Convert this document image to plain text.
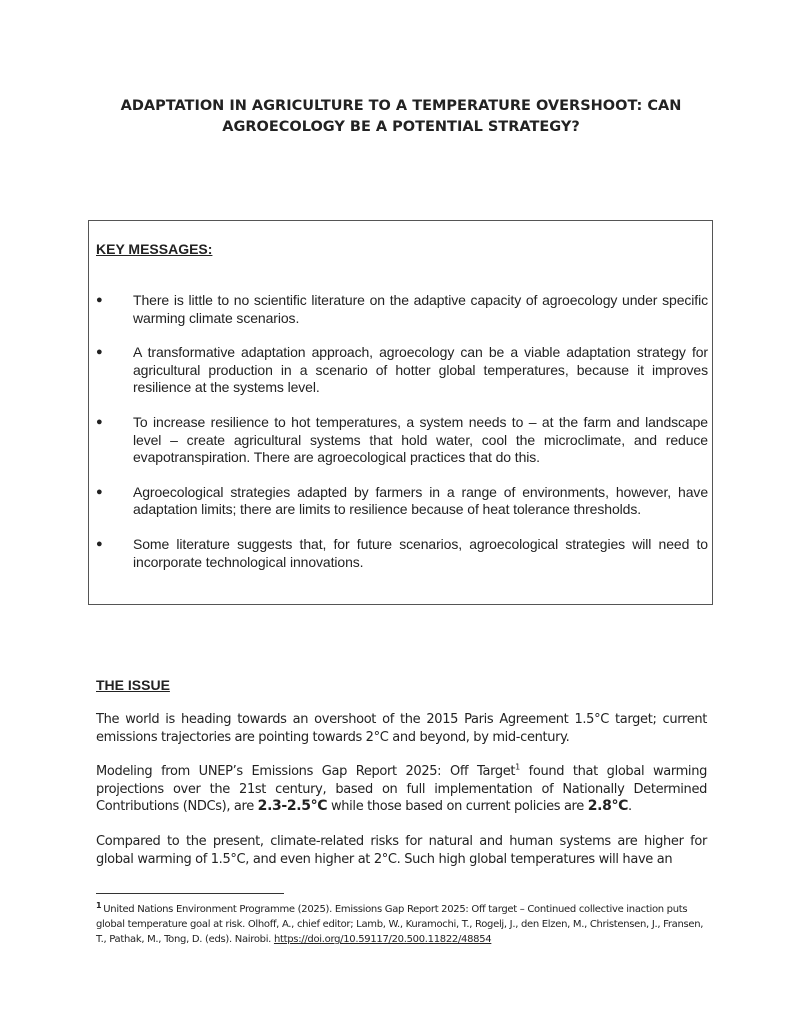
ADAPTATION IN AGRICULTURE TO A TEMPERATURE OVERSHOOT: CAN
AGROECOLOGY BE A POTENTIAL STRATEGY?
KEY MESSAGES:
● There is little to no scientific literature on the adaptive capacity of agroecology under specific warming climate scenarios.
● A transformative adaptation approach, agroecology can be a viable adaptation strategy for agricultural production in a scenario of hotter global temperatures, because it improves resilience at the systems level.
● To increase resilience to hot temperatures, a system needs to – at the farm and landscape level – create agricultural systems that hold water, cool the microclimate, and reduce evapotranspiration. There are agroecological practices that do this.
● Agroecological strategies adapted by farmers in a range of environments, however, have adaptation limits; there are limits to resilience because of heat tolerance thresholds.
● Some literature suggests that, for future scenarios, agroecological strategies will need to incorporate technological innovations.
THE ISSUE

The world is heading towards an overshoot of the 2015 Paris Agreement 1.5°C target; current emissions trajectories are pointing towards 2°C and beyond, by mid-century.

Modeling from UNEP’s Emissions Gap Report 2025: Off Target$^1$ found that global warming projections over the 21st century, based on full implementation of Nationally Determined Contributions (NDCs), are 2.3-2.5°C while those based on current policies are 2.8°C.

Compared to the present, climate-related risks for natural and human systems are higher for global warming of 1.5°C, and even higher at 2°C. Such high global temperatures will have an

$^1$ United Nations Environment Programme (2025). Emissions Gap Report 2025: Off target – Continued collective inaction puts global temperature goal at risk. Olhoff, A., chief editor; Lamb, W., Kuramochi, T., Rogelj, J., den Elzen, M., Christensen, J., Fransen, T., Pathak, M., Tong, D. (eds). Nairobi. https://doi.org/10.59117/20.500.11822/48854
